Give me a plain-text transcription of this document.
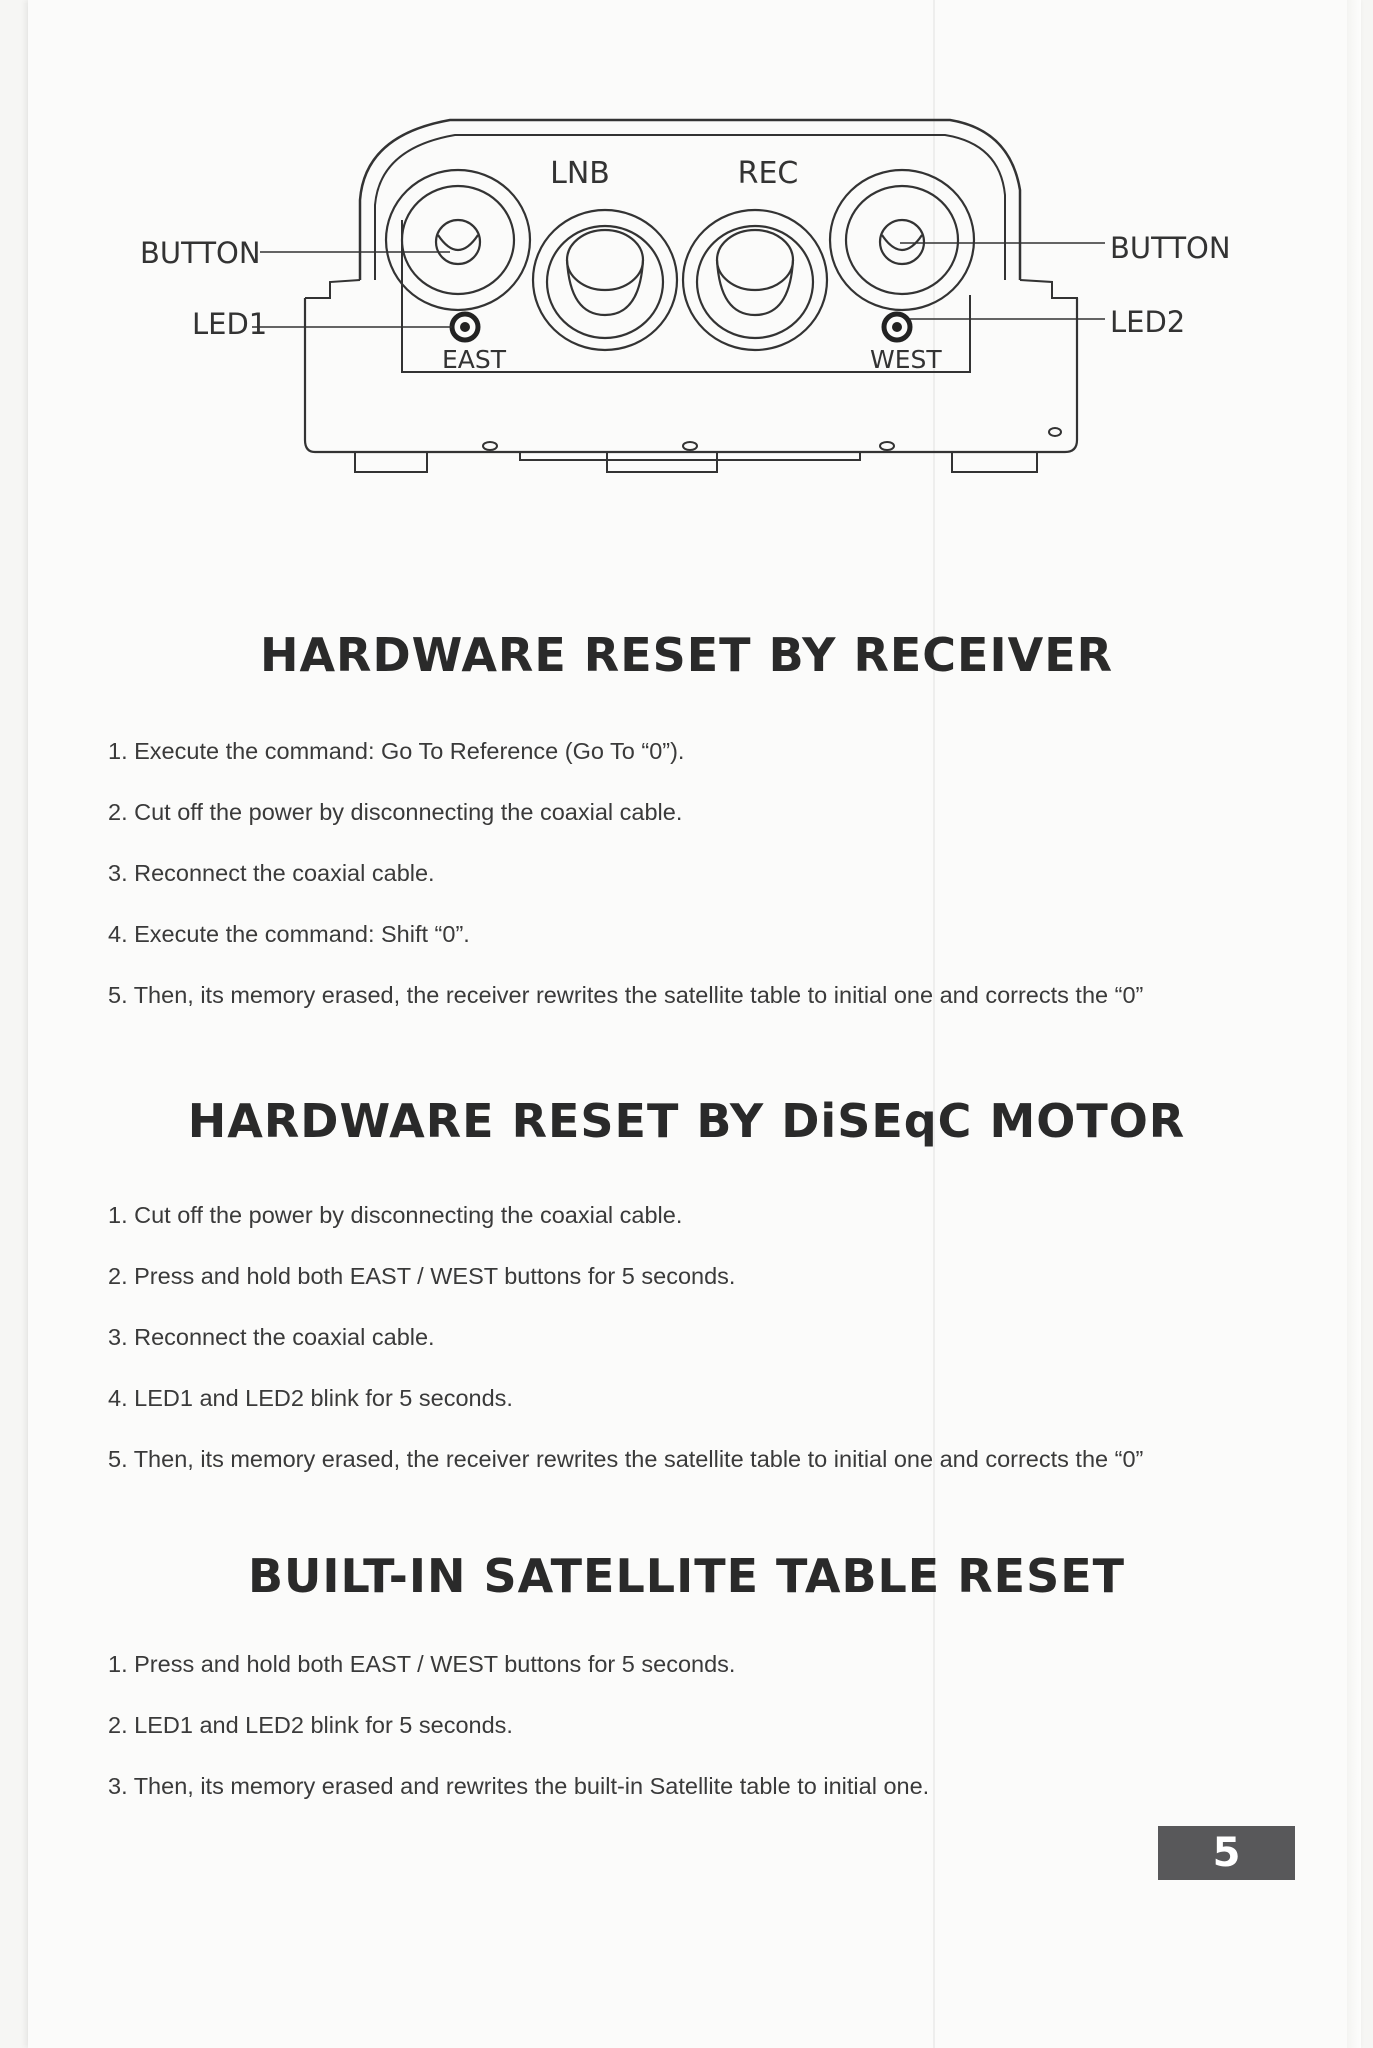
LNB	REC
BUTTON	BUTTON
LED1	LED2
EAST	WEST
HARDWARE RESET BY RECEIVER
1. Execute the command: Go To Reference (Go To “0”).
2. Cut off the power by disconnecting the coaxial cable.
3. Reconnect the coaxial cable.
4. Execute the command: Shift “0”.
5. Then, its memory erased, the receiver rewrites the satellite table to initial one and corrects the “0”
HARDWARE RESET BY DiSEqC MOTOR
1. Cut off the power by disconnecting the coaxial cable.
2. Press and hold both EAST / WEST buttons for 5 seconds.
3. Reconnect the coaxial cable.
4. LED1 and LED2 blink for 5 seconds.
5. Then, its memory erased, the receiver rewrites the satellite table to initial one and corrects the “0”
BUILT-IN SATELLITE TABLE RESET
1. Press and hold both EAST / WEST buttons for 5 seconds.
2. LED1 and LED2 blink for 5 seconds.
3. Then, its memory erased and rewrites the built-in Satellite table to initial one.
5
